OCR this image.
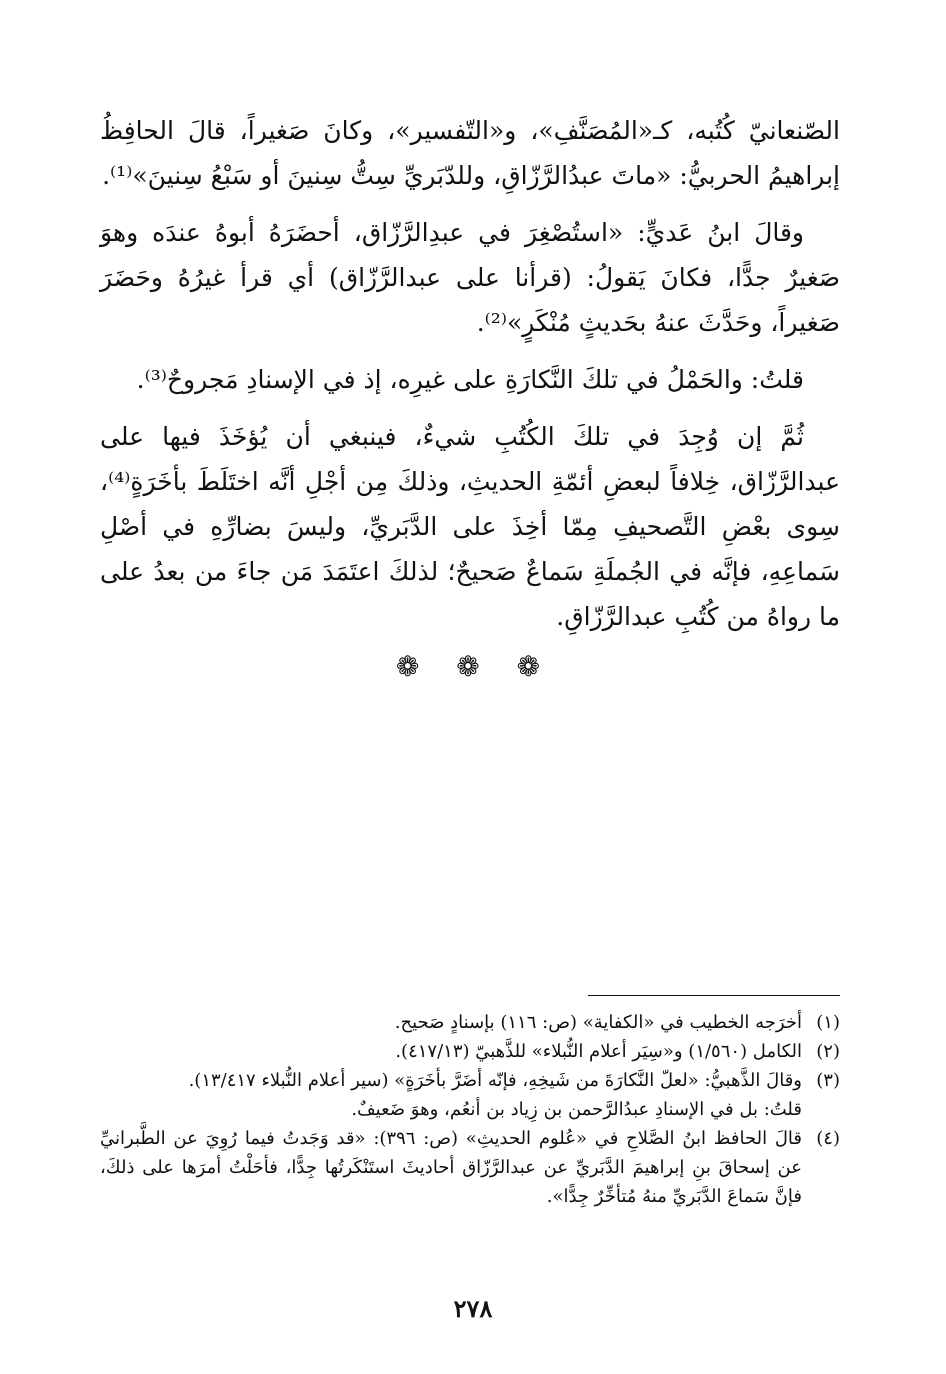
الصّنعانيّ كُتُبه، كـ«المُصَنَّفِ»، و«التّفسير»، وكانَ صَغيراً، قالَ الحافِظُ إبراهيمُ الحربيُّ: «ماتَ عبدُالرَّزّاقِ، وللدّبَريِّ سِتُّ سِنينَ أو سَبْعُ سِنينَ»⁽¹⁾.

وقالَ ابنُ عَديٍّ: «استُصْغِرَ في عبدِالرَّزّاق، أحضَرَهُ أبوهُ عندَه وهوَ صَغيرٌ جدًّا، فكانَ يَقولُ: (قرأنا على عبدالرَّزّاق) أي قرأ غيرُهُ وحَضَرَ صَغيراً، وحَدَّثَ عنهُ بحَديثٍ مُنْكَرٍ»⁽²⁾.

قلتُ: والحَمْلُ في تلكَ النَّكارَةِ على غيرِه، إذ في الإسنادِ مَجروحٌ⁽³⁾.

ثُمَّ إن وُجِدَ في تلكَ الكُتُبِ شيءٌ، فينبغي أن يُؤخَذَ فيها على عبدالرَّزّاق، خِلافاً لبعضِ أئمّةِ الحديثِ، وذلكَ مِن أجْلِ أنَّه اختَلَطَ بأخَرَةٍ⁽⁴⁾، سِوى بعْضِ التَّصحيفِ مِمّا أخِذَ على الدَّبَريِّ، وليسَ بضارِّهِ في أصْلِ سَماعِهِ، فإنَّه في الجُملَةِ سَماعٌ صَحيحٌ؛ لذلكَ اعتَمَدَ مَن جاءَ من بعدُ على ما رواهُ من كُتُبِ عبدالرَّزّاقِ.

❁ ❁ ❁
(١)
أخرَجه الخطيب في «الكفاية» (ص: ١١٦) بإسنادٍ صَحيح.
(٢)
الكامل (١/٥٦٠) و«سِيَر أعلام النُّبلاء» للذَّهبيّ (٤١٧/١٣).
(٣)
وقالَ الذَّهبيُّ: «لعلّ النَّكارَةَ من شَيخِهِ، فإنّه أضَرَّ بأخَرَةٍ» (سير أعلام النُّبلاء ١٣/٤١٧).
قلتُ: بل في الإسنادِ عبدُالرَّحمن بن زِياد بن أنعُم، وهوَ ضَعيفٌ.
(٤)
قالَ الحافظ ابنُ الصَّلاحِ في «عُلوم الحديثِ» (ص: ٣٩٦): «قد وَجَدتُ فيما رُوِيَ عن الطَّبرانيِّ عن إسحاقَ بنِ إبراهيمَ الدَّبَريِّ عن عبدالرَّزّاق أحاديثَ استَنْكَرتُها جِدًّا، فأحَلْتُ أمرَها على ذلكَ، فإنَّ سَماعَ الدَّبَريِّ منهُ مُتأخِّرٌ جِدًّا».
٢٧٨
